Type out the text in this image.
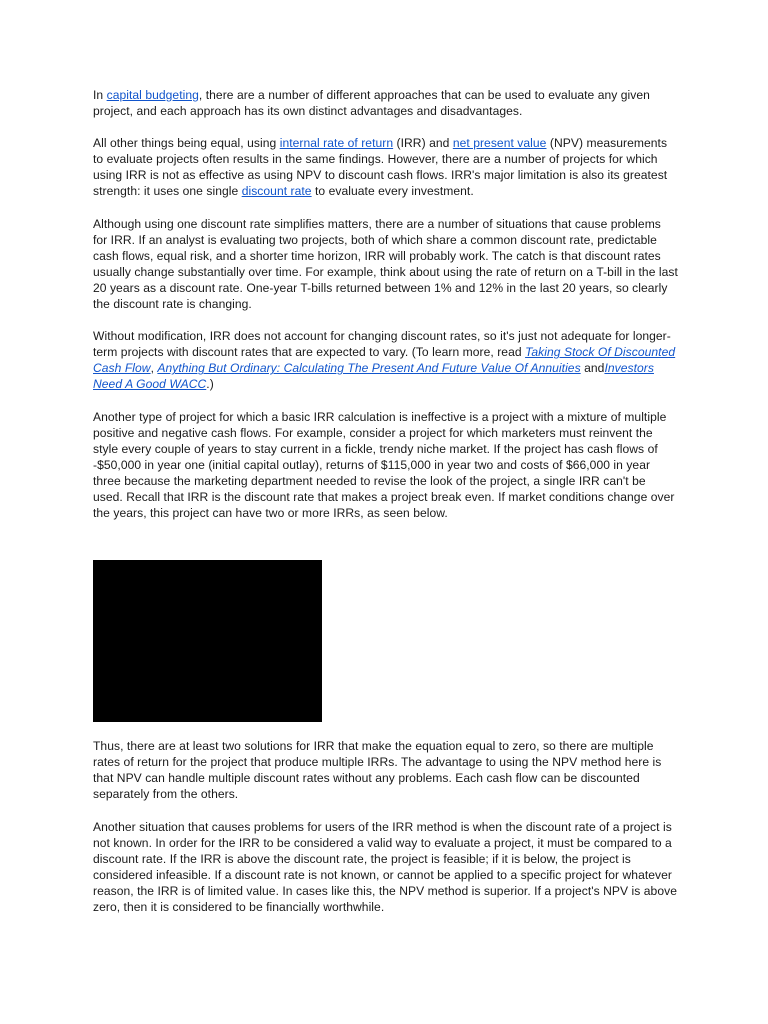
In capital budgeting, there are a number of different approaches that can be used to evaluate any given project, and each approach has its own distinct advantages and disadvantages.

All other things being equal, using internal rate of return (IRR) and net present value (NPV) measurements to evaluate projects often results in the same findings. However, there are a number of projects for which using IRR is not as effective as using NPV to discount cash flows. IRR's major limitation is also its greatest strength: it uses one single discount rate to evaluate every investment.

Although using one discount rate simplifies matters, there are a number of situations that cause problems for IRR. If an analyst is evaluating two projects, both of which share a common discount rate, predictable cash flows, equal risk, and a shorter time horizon, IRR will probably work. The catch is that discount rates usually change substantially over time. For example, think about using the rate of return on a T-bill in the last 20 years as a discount rate. One-year T-bills returned between 1% and 12% in the last 20 years, so clearly the discount rate is changing.

Without modification, IRR does not account for changing discount rates, so it's just not adequate for longer-term projects with discount rates that are expected to vary. (To learn more, read Taking Stock Of Discounted Cash Flow, Anything But Ordinary: Calculating The Present And Future Value Of Annuities andInvestors Need A Good WACC.)

Another type of project for which a basic IRR calculation is ineffective is a project with a mixture of multiple positive and negative cash flows. For example, consider a project for which marketers must reinvent the style every couple of years to stay current in a fickle, trendy niche market. If the project has cash flows of -$50,000 in year one (initial capital outlay), returns of $115,000 in year two and costs of $66,000 in year three because the marketing department needed to revise the look of the project, a single IRR can't be used. Recall that IRR is the discount rate that makes a project break even. If market conditions change over the years, this project can have two or more IRRs, as seen below.

Thus, there are at least two solutions for IRR that make the equation equal to zero, so there are multiple rates of return for the project that produce multiple IRRs. The advantage to using the NPV method here is that NPV can handle multiple discount rates without any problems. Each cash flow can be discounted separately from the others.

Another situation that causes problems for users of the IRR method is when the discount rate of a project is not known. In order for the IRR to be considered a valid way to evaluate a project, it must be compared to a discount rate. If the IRR is above the discount rate, the project is feasible; if it is below, the project is considered infeasible. If a discount rate is not known, or cannot be applied to a specific project for whatever reason, the IRR is of limited value. In cases like this, the NPV method is superior. If a project's NPV is above zero, then it is considered to be financially worthwhile.
